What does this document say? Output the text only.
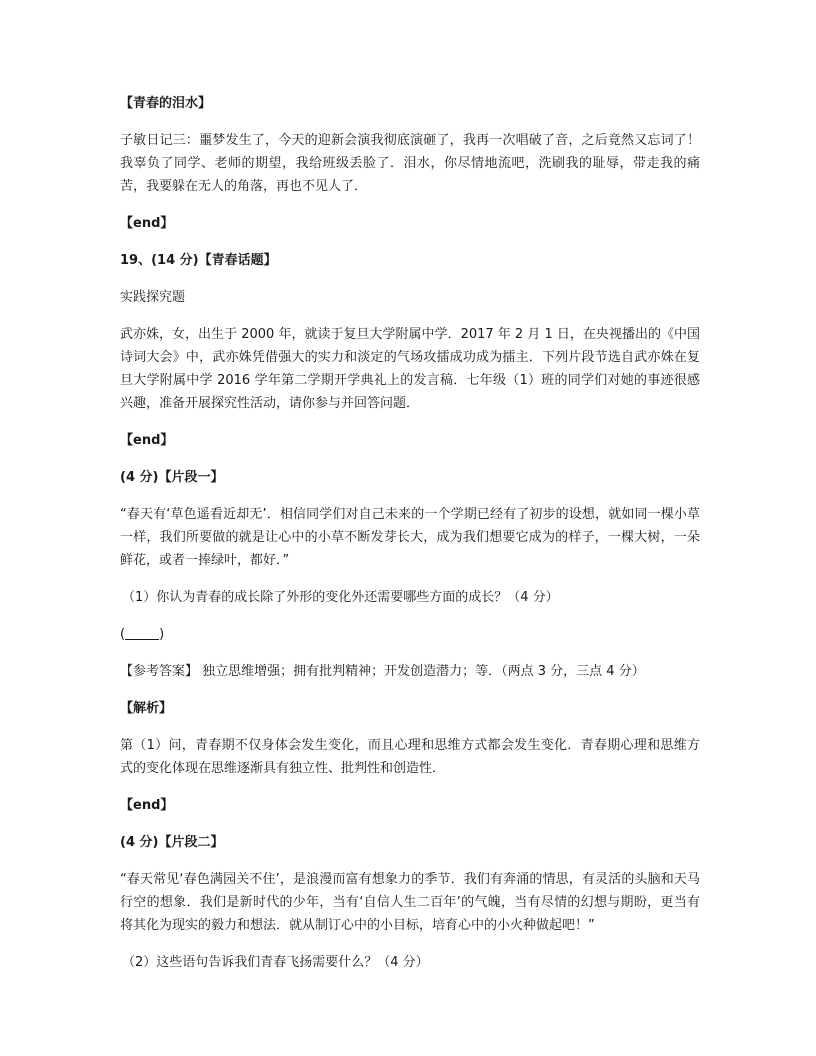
【青春的泪水】

子敏日记三：噩梦发生了，今天的迎新会演我彻底演砸了，我再一次唱破了音，之后竟然又忘词了！我辜负了同学、老师的期望，我给班级丢脸了．泪水，你尽情地流吧，洗刷我的耻辱，带走我的痛苦，我要躲在无人的角落，再也不见人了．

【end】

19、(14 分)【青春话题】

实践探究题

武亦姝，女，出生于 2000 年，就读于复旦大学附属中学．2017 年 2 月 1 日，在央视播出的《中国诗词大会》中，武亦姝凭借强大的实力和淡定的气场攻擂成功成为擂主．下列片段节选自武亦姝在复旦大学附属中学 2016 学年第二学期开学典礼上的发言稿．七年级（1）班的同学们对她的事迹很感兴趣，准备开展探究性活动，请你参与并回答问题．

【end】

(4 分)【片段一】

“春天有‘草色遥看近却无’．相信同学们对自己未来的一个学期已经有了初步的设想，就如同一棵小草一样，我们所要做的就是让心中的小草不断发芽长大，成为我们想要它成为的样子，一棵大树，一朵鲜花，或者一捧绿叶，都好．”

（1）你认为青春的成长除了外形的变化外还需要哪些方面的成长？（4 分）

(	)

【参考答案】 独立思维增强；拥有批判精神；开发创造潜力；等．（两点 3 分，三点 4 分）

【解析】

第（1）问，青春期不仅身体会发生变化，而且心理和思维方式都会发生变化．青春期心理和思维方式的变化体现在思维逐渐具有独立性、批判性和创造性．

【end】

(4 分)【片段二】

“春天常见‘春色满园关不住’，是浪漫而富有想象力的季节．我们有奔涌的情思，有灵活的头脑和天马行空的想象．我们是新时代的少年，当有‘自信人生二百年’的气魄，当有尽情的幻想与期盼，更当有将其化为现实的毅力和想法．就从制订心中的小目标，培育心中的小火种做起吧！”

（2）这些语句告诉我们青春飞扬需要什么？（4 分）
